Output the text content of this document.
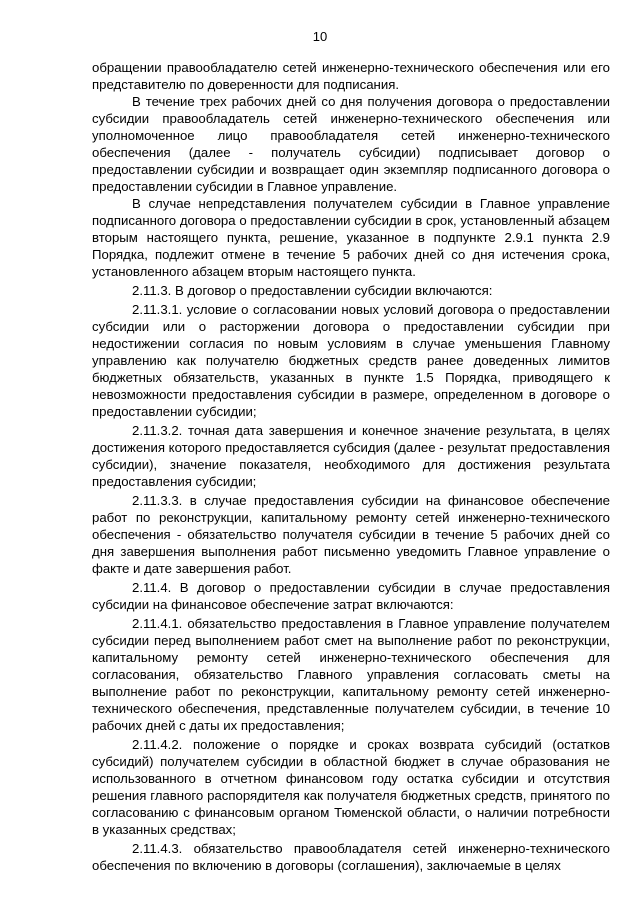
10

обращении правообладателю сетей инженерно-технического обеспечения или его представителю по доверенности для подписания.

В течение трех рабочих дней со дня получения договора о предоставлении субсидии правообладатель сетей инженерно-технического обеспечения или уполномоченное лицо правообладателя сетей инженерно-технического обеспечения (далее - получатель субсидии) подписывает договор о предоставлении субсидии и возвращает один экземпляр подписанного договора о предоставлении субсидии в Главное управление.

В случае непредставления получателем субсидии в Главное управление подписанного договора о предоставлении субсидии в срок, установленный абзацем вторым настоящего пункта, решение, указанное в подпункте 2.9.1 пункта 2.9 Порядка, подлежит отмене в течение 5 рабочих дней со дня истечения срока, установленного абзацем вторым настоящего пункта.

2.11.3. В договор о предоставлении субсидии включаются:

2.11.3.1. условие о согласовании новых условий договора о предоставлении субсидии или о расторжении договора о предоставлении субсидии при недостижении согласия по новым условиям в случае уменьшения Главному управлению как получателю бюджетных средств ранее доведенных лимитов бюджетных обязательств, указанных в пункте 1.5 Порядка, приводящего к невозможности предоставления субсидии в размере, определенном в договоре о предоставлении субсидии;

2.11.3.2. точная дата завершения и конечное значение результата, в целях достижения которого предоставляется субсидия (далее - результат предоставления субсидии), значение показателя, необходимого для достижения результата предоставления субсидии;

2.11.3.3. в случае предоставления субсидии на финансовое обеспечение работ по реконструкции, капитальному ремонту сетей инженерно-технического обеспечения - обязательство получателя субсидии в течение 5 рабочих дней со дня завершения выполнения работ письменно уведомить Главное управление о факте и дате завершения работ.

2.11.4. В договор о предоставлении субсидии в случае предоставления субсидии на финансовое обеспечение затрат включаются:

2.11.4.1. обязательство предоставления в Главное управление получателем субсидии перед выполнением работ смет на выполнение работ по реконструкции, капитальному ремонту сетей инженерно-технического обеспечения для согласования, обязательство Главного управления согласовать сметы на выполнение работ по реконструкции, капитальному ремонту сетей инженерно-технического обеспечения, представленные получателем субсидии, в течение 10 рабочих дней с даты их предоставления;

2.11.4.2. положение о порядке и сроках возврата субсидий (остатков субсидий) получателем субсидии в областной бюджет в случае образования не использованного в отчетном финансовом году остатка субсидии и отсутствия решения главного распорядителя как получателя бюджетных средств, принятого по согласованию с финансовым органом Тюменской области, о наличии потребности в указанных средствах;

2.11.4.3. обязательство правообладателя сетей инженерно-технического обеспечения по включению в договоры (соглашения), заключаемые в целях
